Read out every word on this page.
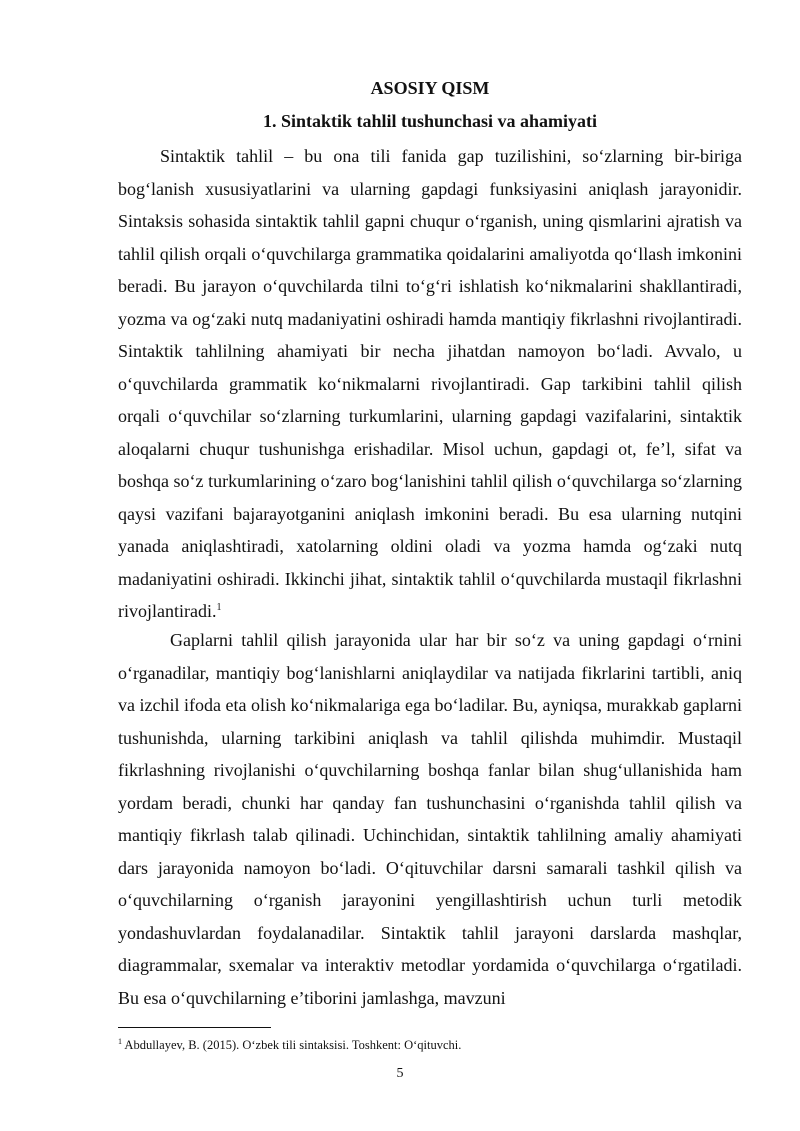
ASOSIY QISM
1. Sintaktik tahlil tushunchasi va ahamiyati

Sintaktik tahlil – bu ona tili fanida gap tuzilishini, so‘zlarning bir-biriga bog‘lanish xususiyatlarini va ularning gapdagi funksiyasini aniqlash jarayonidir. Sintaksis sohasida sintaktik tahlil gapni chuqur o‘rganish, uning qismlarini ajratish va tahlil qilish orqali o‘quvchilarga grammatika qoidalarini amaliyotda qo‘llash imkonini beradi. Bu jarayon o‘quvchilarda tilni to‘g‘ri ishlatish ko‘nikmalarini shakllantiradi, yozma va og‘zaki nutq madaniyatini oshiradi hamda mantiqiy fikrlashni rivojlantiradi. Sintaktik tahlilning ahamiyati bir necha jihatdan namoyon bo‘ladi. Avvalo, u o‘quvchilarda grammatik ko‘nikmalarni rivojlantiradi. Gap tarkibini tahlil qilish orqali o‘quvchilar so‘zlarning turkumlarini, ularning gapdagi vazifalarini, sintaktik aloqalarni chuqur tushunishga erishadilar. Misol uchun, gapdagi ot, fe’l, sifat va boshqa so‘z turkumlarining o‘zaro bog‘lanishini tahlil qilish o‘quvchilarga so‘zlarning qaysi vazifani bajarayotganini aniqlash imkonini beradi. Bu esa ularning nutqini yanada aniqlashtiradi, xatolarning oldini oladi va yozma hamda og‘zaki nutq madaniyatini oshiradi. Ikkinchi jihat, sintaktik tahlil o‘quvchilarda mustaqil fikrlashni rivojlantiradi.$^1$

Gaplarni tahlil qilish jarayonida ular har bir so‘z va uning gapdagi o‘rnini o‘rganadilar, mantiqiy bog‘lanishlarni aniqlaydilar va natijada fikrlarini tartibli, aniq va izchil ifoda eta olish ko‘nikmalariga ega bo‘ladilar. Bu, ayniqsa, murakkab gaplarni tushunishda, ularning tarkibini aniqlash va tahlil qilishda muhimdir. Mustaqil fikrlashning rivojlanishi o‘quvchilarning boshqa fanlar bilan shug‘ullanishida ham yordam beradi, chunki har qanday fan tushunchasini o‘rganishda tahlil qilish va mantiqiy fikrlash talab qilinadi. Uchinchidan, sintaktik tahlilning amaliy ahamiyati dars jarayonida namoyon bo‘ladi. O‘qituvchilar darsni samarali tashkil qilish va o‘quvchilarning o‘rganish jarayonini yengillashtirish uchun turli metodik yondashuvlardan foydalanadilar. Sintaktik tahlil jarayoni darslarda mashqlar, diagrammalar, sxemalar va interaktiv metodlar yordamida o‘quvchilarga o‘rgatiladi. Bu esa o‘quvchilarning e’tiborini jamlashga, mavzuni

$^1$ Abdullayev, B. (2015). O‘zbek tili sintaksisi. Toshkent: O‘qituvchi.
5
